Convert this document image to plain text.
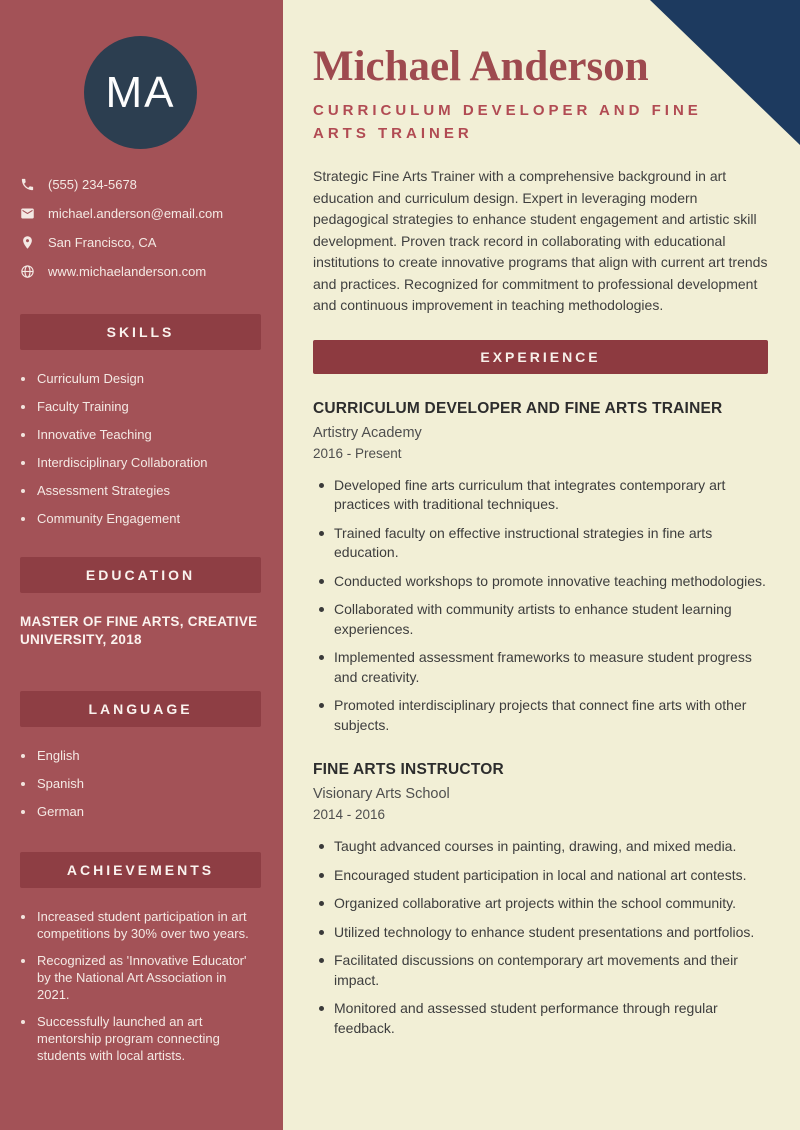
MA
(555) 234-5678
michael.anderson@email.com
San Francisco, CA
www.michaelanderson.com
SKILLS
Curriculum Design
Faculty Training
Innovative Teaching
Interdisciplinary Collaboration
Assessment Strategies
Community Engagement
EDUCATION
MASTER OF FINE ARTS, CREATIVE UNIVERSITY, 2018
LANGUAGE
English
Spanish
German
ACHIEVEMENTS
Increased student participation in art competitions by 30% over two years.
Recognized as 'Innovative Educator' by the National Art Association in 2021.
Successfully launched an art mentorship program connecting students with local artists.
Michael Anderson
CURRICULUM DEVELOPER AND FINE ARTS TRAINER

Strategic Fine Arts Trainer with a comprehensive background in art education and curriculum design. Expert in leveraging modern pedagogical strategies to enhance student engagement and artistic skill development. Proven track record in collaborating with educational institutions to create innovative programs that align with current art trends and practices. Recognized for commitment to professional development and continuous improvement in teaching methodologies.

EXPERIENCE
CURRICULUM DEVELOPER AND FINE ARTS TRAINER
Artistry Academy
2016 - Present
Developed fine arts curriculum that integrates contemporary art practices with traditional techniques.
Trained faculty on effective instructional strategies in fine arts education.
Conducted workshops to promote innovative teaching methodologies.
Collaborated with community artists to enhance student learning experiences.
Implemented assessment frameworks to measure student progress and creativity.
Promoted interdisciplinary projects that connect fine arts with other subjects.
FINE ARTS INSTRUCTOR
Visionary Arts School
2014 - 2016
Taught advanced courses in painting, drawing, and mixed media.
Encouraged student participation in local and national art contests.
Organized collaborative art projects within the school community.
Utilized technology to enhance student presentations and portfolios.
Facilitated discussions on contemporary art movements and their impact.
Monitored and assessed student performance through regular feedback.
